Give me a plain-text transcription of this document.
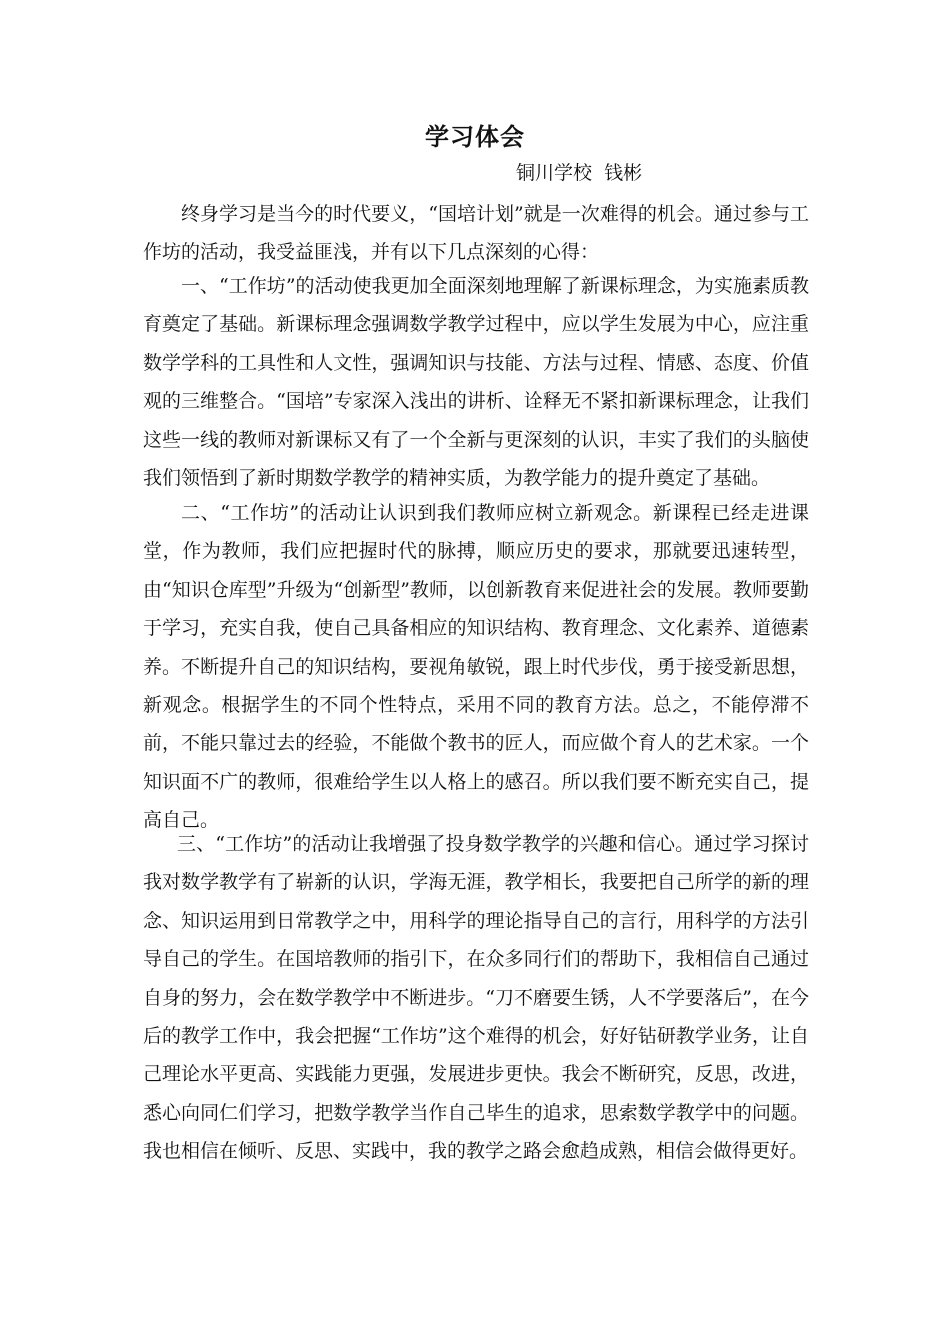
学习体会
铜川学校  钱彬

终身学习是当今的时代要义，“国培计划”就是一次难得的机会。通过参与工作坊的活动，我受益匪浅，并有以下几点深刻的心得：

一、“工作坊”的活动使我更加全面深刻地理解了新课标理念，为实施素质教育奠定了基础。新课标理念强调数学教学过程中，应以学生发展为中心，应注重数学学科的工具性和人文性，强调知识与技能、方法与过程、情感、态度、价值观的三维整合。“国培”专家深入浅出的讲析、诠释无不紧扣新课标理念，让我们这些一线的教师对新课标又有了一个全新与更深刻的认识，丰实了我们的头脑使我们领悟到了新时期数学教学的精神实质，为教学能力的提升奠定了基础。

二、“工作坊”的活动让认识到我们教师应树立新观念。新课程已经走进课堂，作为教师，我们应把握时代的脉搏，顺应历史的要求，那就要迅速转型，由“知识仓库型”升级为“创新型”教师，以创新教育来促进社会的发展。教师要勤于学习，充实自我，使自己具备相应的知识结构、教育理念、文化素养、道德素养。不断提升自己的知识结构，要视角敏锐，跟上时代步伐，勇于接受新思想，新观念。根据学生的不同个性特点，采用不同的教育方法。总之，不能停滞不前，不能只靠过去的经验，不能做个教书的匠人，而应做个育人的艺术家。一个知识面不广的教师，很难给学生以人格上的感召。所以我们要不断充实自己，提高自己。

三、“工作坊”的活动让我增强了投身数学教学的兴趣和信心。通过学习探讨我对数学教学有了崭新的认识，学海无涯，教学相长，我要把自己所学的新的理念、知识运用到日常教学之中，用科学的理论指导自己的言行，用科学的方法引导自己的学生。在国培教师的指引下，在众多同行们的帮助下，我相信自己通过自身的努力，会在数学教学中不断进步。“刀不磨要生锈，人不学要落后”，在今后的教学工作中，我会把握“工作坊”这个难得的机会，好好钻研教学业务，让自己理论水平更高、实践能力更强，发展进步更快。我会不断研究，反思，改进，悉心向同仁们学习，把数学教学当作自己毕生的追求，思索数学教学中的问题。我也相信在倾听、反思、实践中，我的教学之路会愈趋成熟，相信会做得更好。
